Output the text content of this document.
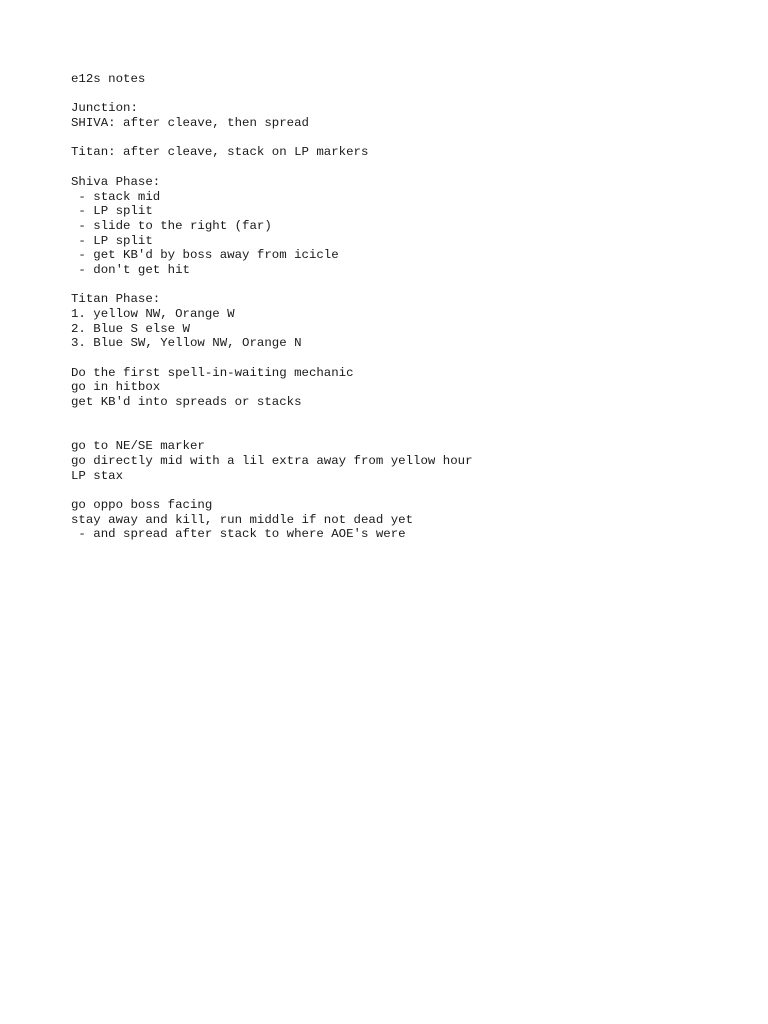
e12s notes
Junction:
SHIVA: after cleave, then spread
Titan: after cleave, stack on LP markers
Shiva Phase:
- stack mid
- LP split
- slide to the right (far)
- LP split
- get KB'd by boss away from icicle
- don't get hit
Titan Phase:
1. yellow NW, Orange W
2. Blue S else W
3. Blue SW, Yellow NW, Orange N
Do the first spell-in-waiting mechanic
go in hitbox
get KB'd into spreads or stacks
go to NE/SE marker
go directly mid with a lil extra away from yellow hour
LP stax
go oppo boss facing
stay away and kill, run middle if not dead yet
- and spread after stack to where AOE's were
